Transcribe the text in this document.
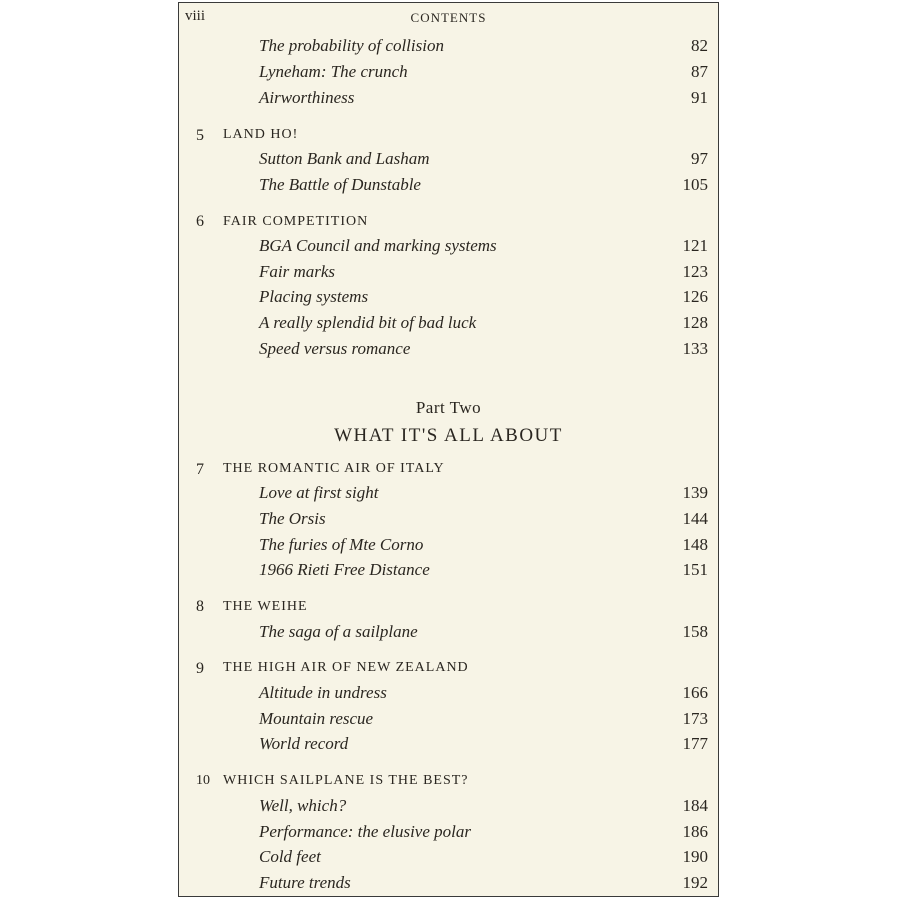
viii	CONTENTS
The probability of collision	82
Lyneham: The crunch	87
Airworthiness	91
5 LAND HO!
Sutton Bank and Lasham	97
The Battle of Dunstable	105
6 FAIR COMPETITION
BGA Council and marking systems	121
Fair marks	123
Placing systems	126
A really splendid bit of bad luck	128
Speed versus romance	133
Part Two
WHAT IT'S ALL ABOUT
7 THE ROMANTIC AIR OF ITALY
Love at first sight	139
The Orsis	144
The furies of Mte Corno	148
1966 Rieti Free Distance	151
8 THE WEIHE
The saga of a sailplane	158
9 THE HIGH AIR OF NEW ZEALAND
Altitude in undress	166
Mountain rescue	173
World record	177
10 WHICH SAILPLANE IS THE BEST?
Well, which?	184
Performance: the elusive polar	186
Cold feet	190
Future trends	192
